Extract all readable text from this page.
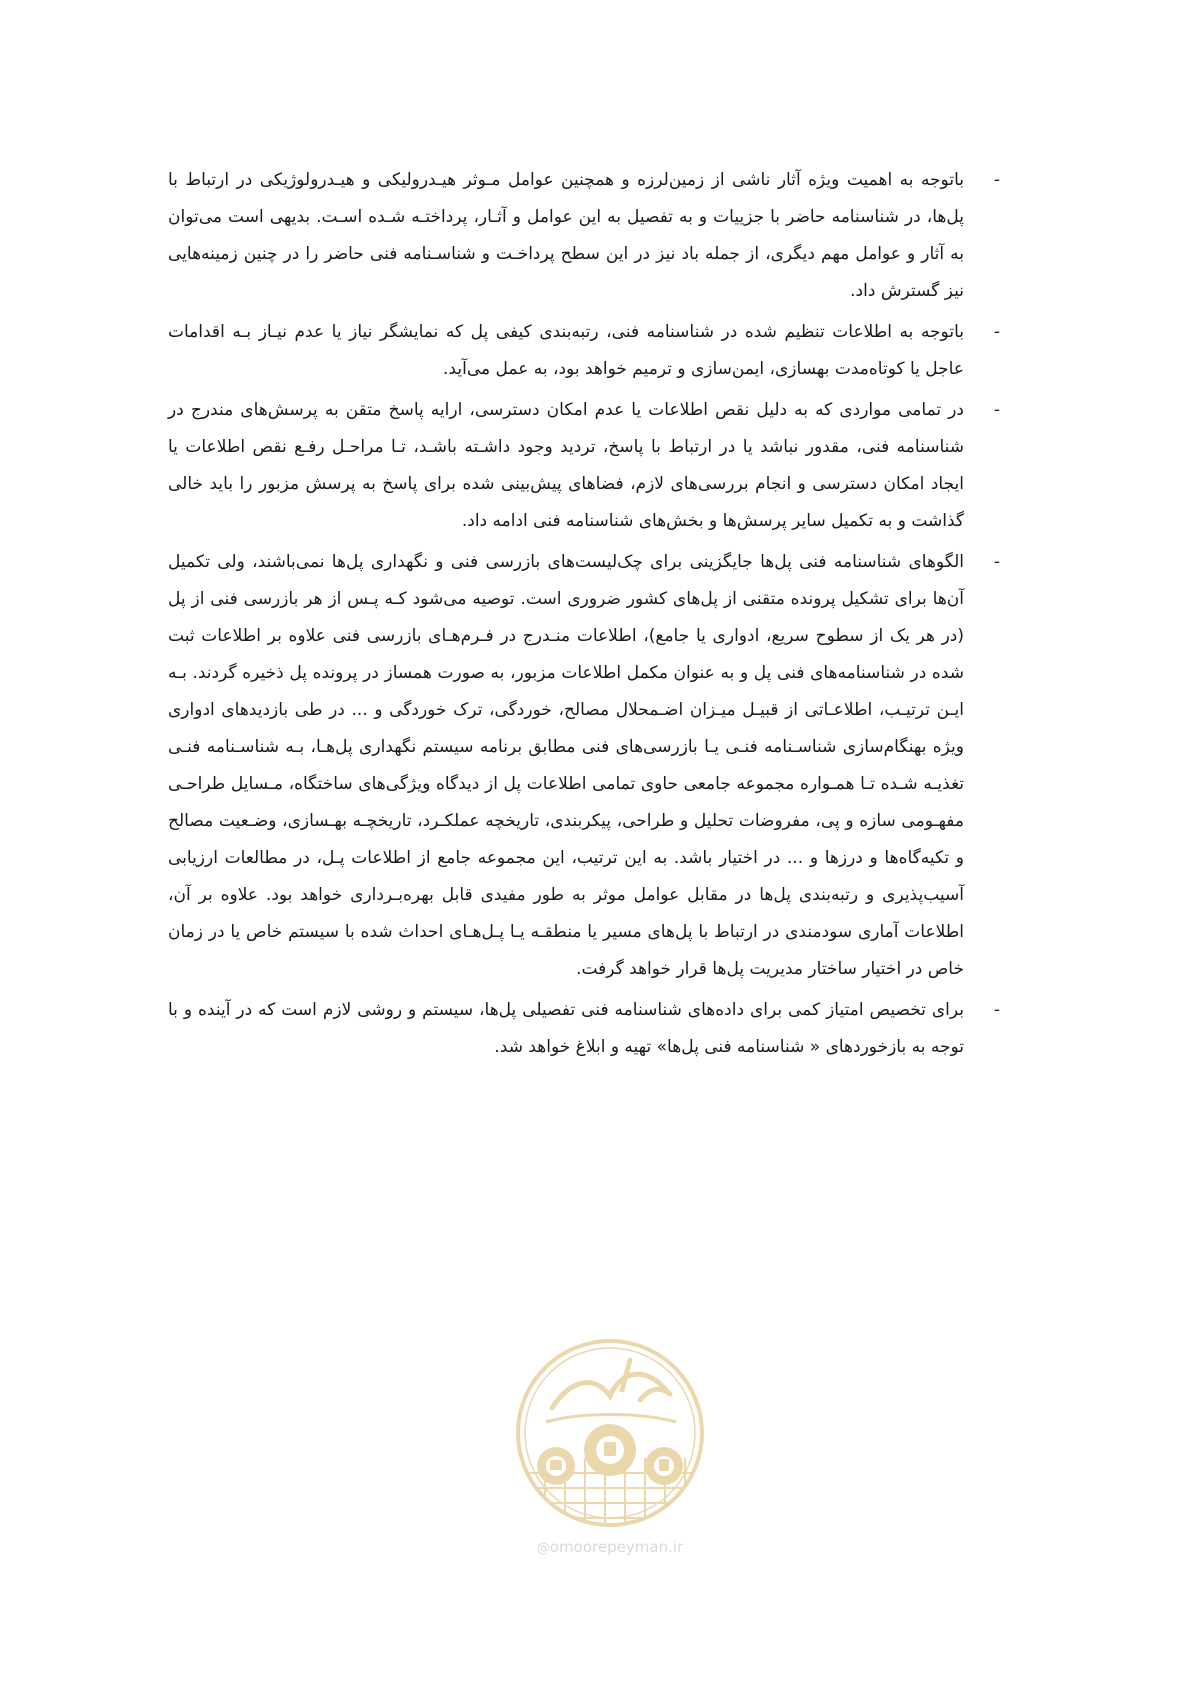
-
باتوجه به اهمیت ویژه آثار ناشی از زمین‌لرزه و همچنین عوامل مـوثر هیـدرولیکی و هیـدرولوژیکی در ارتباط با پل‌ها، در شناسنامه حاضر با جزییات و به تفصیل به این عوامل و آثـار، پرداختـه شـده اسـت. بدیهی است می‌توان به آثار و عوامل مهم دیگری، از جمله باد نیز در این سطح پرداخـت و شناسـنامه فنی حاضر را در چنین زمینه‌هایی نیز گسترش داد.
-
باتوجه به اطلاعات تنظیم شده در شناسنامه فنی، رتبه‌بندی کیفی پل که نمایشگر نیاز یا عدم نیـاز بـه اقدامات عاجل یا کوتاه‌مدت بهسازی، ایمن‌سازی و ترمیم خواهد بود، به عمل می‌آید.
-
در تمامی مواردی که به دلیل نقص اطلاعات یا عدم امکان دسترسی، ارایه پاسخ متقن به پرسش‌های مندرج در شناسنامه فنی، مقدور نباشد یا در ارتباط با پاسخ، تردید وجود داشـته باشـد، تـا مراحـل رفـع نقص اطلاعات یا ایجاد امکان دسترسی و انجام بررسی‌های لازم، فضاهای پیش‌بینی شده برای پاسخ به پرسش مزبور را باید خالی گذاشت و به تکمیل سایر پرسش‌ها و بخش‌های شناسنامه فنی ادامه داد.
-
الگوهای شناسنامه فنی پل‌ها جایگزینی برای چک‌لیست‌های بازرسی فنی و نگهداری پل‌ها نمی‌باشند، ولی تکمیل آن‌ها برای تشکیل پرونده متقنی از پل‌های کشور ضروری است. توصیه می‌شود کـه پـس از هر بازرسی فنی از پل (در هر یک از سطوح سریع، ادواری یا جامع)، اطلاعات منـدرج در فـرم‌هـای بازرسی فنی علاوه بر اطلاعات ثبت شده در شناسنامه‌های فنی پل و به عنوان مکمل اطلاعات مزبور، به صورت همساز در پرونده پل ذخیره گردند. بـه ایـن ترتیـب، اطلاعـاتی از قبیـل میـزان اضـمحلال مصالح، خوردگی، ترک خوردگی و ... در طی بازدیدهای ادواری ویژه بهنگام‌سازی شناسـنامه فنـی یـا بازرسی‌های فنی مطابق برنامه سیستم نگهداری پل‌هـا، بـه شناسـنامه فنـی تغذیـه شـده تـا همـواره مجموعه جامعی حاوی تمامی اطلاعات پل از دیدگاه ویژگی‌های ساختگاه، مـسایل طراحـی مفهـومی سازه و پی، مفروضات تحلیل و طراحی، پیکربندی، تاریخچه عملکـرد، تاریخچـه بهـسازی، وضـعیت مصالح و تکیه‌گاه‌ها و درزها و ... در اختیار باشد. به این ترتیب، این مجموعه جامع از اطلاعات پـل، در مطالعات ارزیابی آسیب‌پذیری و رتبه‌بندی پل‌ها در مقابل عوامل موثر به طور مفیدی قابل بهره‌بـرداری خواهد بود. علاوه بر آن، اطلاعات آماری سودمندی در ارتباط با پل‌های مسیر یا منطقـه یـا پـل‌هـای احداث شده با سیستم خاص یا در زمان خاص در اختیار ساختار مدیریت پل‌ها قرار خواهد گرفت.
-
برای تخصیص امتیاز کمی برای داده‌های شناسنامه فنی تفصیلی پل‌ها، سیستم و روشی لازم است که در آینده و با توجه به بازخوردهای « شناسنامه فنی پل‌ها» تهیه و ابلاغ خواهد شد.
@omoorepeyman.ir
